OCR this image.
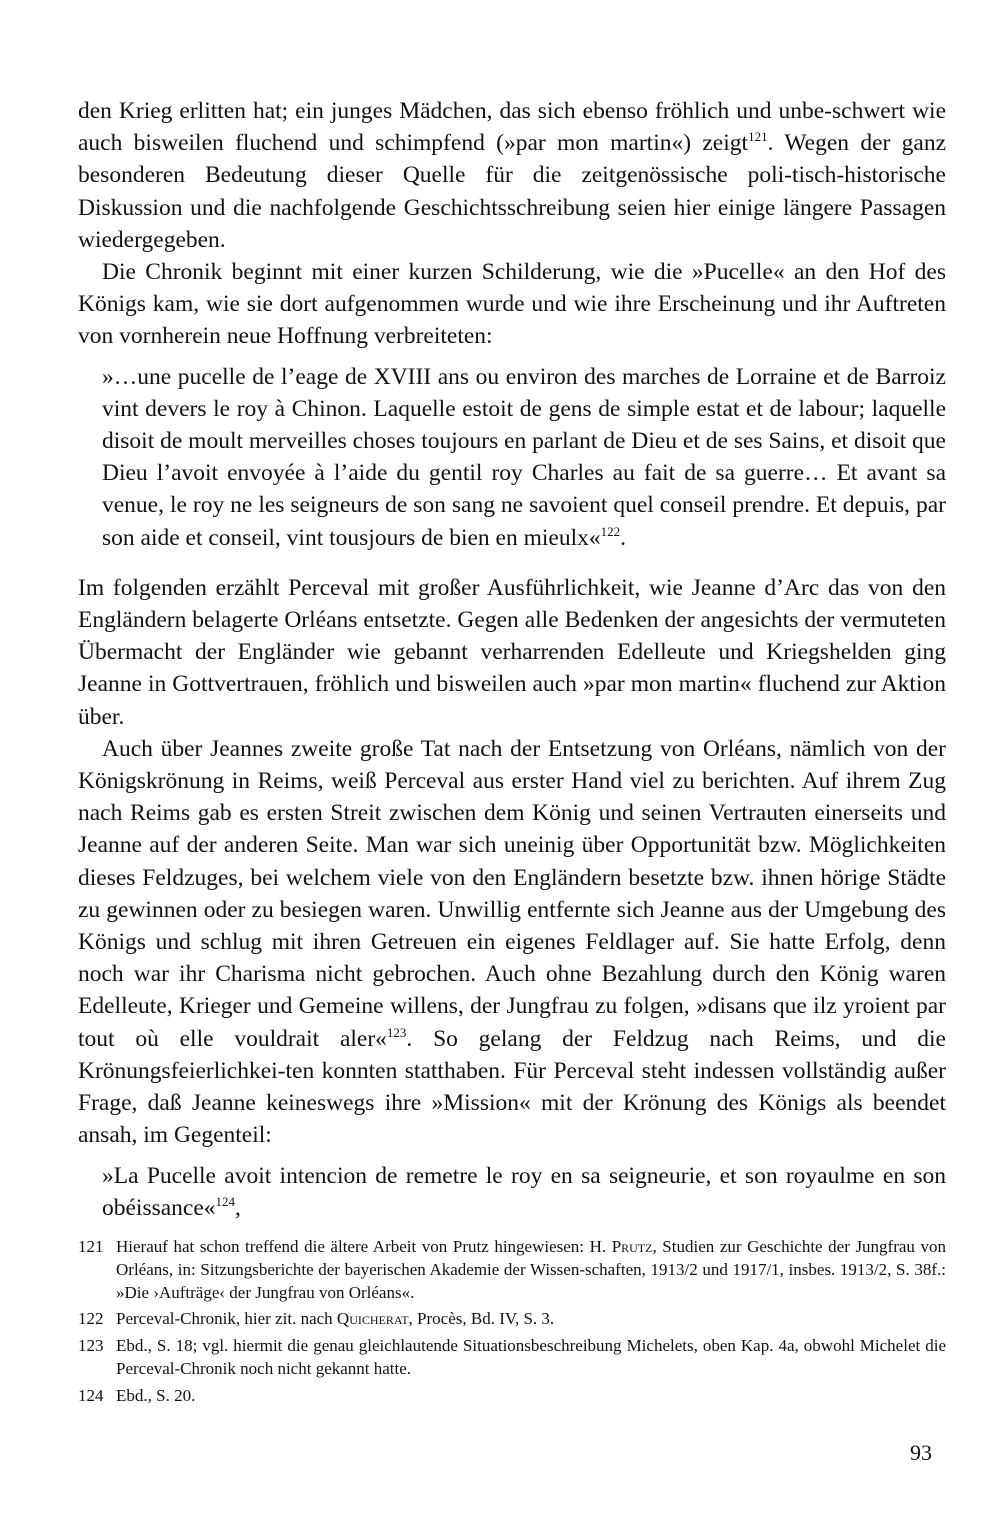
den Krieg erlitten hat; ein junges Mädchen, das sich ebenso fröhlich und unbe-schwert wie auch bisweilen fluchend und schimpfend (»par mon martin«) zeigt$^{121}$. Wegen der ganz besonderen Bedeutung dieser Quelle für die zeitgenössische poli-tisch-historische Diskussion und die nachfolgende Geschichtsschreibung seien hier einige längere Passagen wiedergegeben.

Die Chronik beginnt mit einer kurzen Schilderung, wie die »Pucelle« an den Hof des Königs kam, wie sie dort aufgenommen wurde und wie ihre Erscheinung und ihr Auftreten von vornherein neue Hoffnung verbreiteten:

»…une pucelle de l’eage de XVIII ans ou environ des marches de Lorraine et de Barroiz vint devers le roy à Chinon. Laquelle estoit de gens de simple estat et de labour; laquelle disoit de moult merveilles choses toujours en parlant de Dieu et de ses Sains, et disoit que Dieu l’avoit envoyée à l’aide du gentil roy Charles au fait de sa guerre… Et avant sa venue, le roy ne les seigneurs de son sang ne savoient quel conseil prendre. Et depuis, par son aide et conseil, vint tousjours de bien en mieulx«$^{122}$.

Im folgenden erzählt Perceval mit großer Ausführlichkeit, wie Jeanne d’Arc das von den Engländern belagerte Orléans entsetzte. Gegen alle Bedenken der angesichts der vermuteten Übermacht der Engländer wie gebannt verharrenden Edelleute und Kriegshelden ging Jeanne in Gottvertrauen, fröhlich und bisweilen auch »par mon martin« fluchend zur Aktion über.

Auch über Jeannes zweite große Tat nach der Entsetzung von Orléans, nämlich von der Königskrönung in Reims, weiß Perceval aus erster Hand viel zu berichten. Auf ihrem Zug nach Reims gab es ersten Streit zwischen dem König und seinen Vertrauten einerseits und Jeanne auf der anderen Seite. Man war sich uneinig über Opportunität bzw. Möglichkeiten dieses Feldzuges, bei welchem viele von den Engländern besetzte bzw. ihnen hörige Städte zu gewinnen oder zu besiegen waren. Unwillig entfernte sich Jeanne aus der Umgebung des Königs und schlug mit ihren Getreuen ein eigenes Feldlager auf. Sie hatte Erfolg, denn noch war ihr Charisma nicht gebrochen. Auch ohne Bezahlung durch den König waren Edelleute, Krieger und Gemeine willens, der Jungfrau zu folgen, »disans que ilz yroient par tout où elle vouldrait aler«$^{123}$. So gelang der Feldzug nach Reims, und die Krönungsfeierlichkei-ten konnten statthaben. Für Perceval steht indessen vollständig außer Frage, daß Jeanne keineswegs ihre »Mission« mit der Krönung des Königs als beendet ansah, im Gegenteil:

»La Pucelle avoit intencion de remetre le roy en sa seigneurie, et son royaulme en son obéissance«$^{124}$,

121 Hierauf hat schon treffend die ältere Arbeit von Prutz hingewiesen: H. Prutz, Studien zur Geschichte der Jungfrau von Orléans, in: Sitzungsberichte der bayerischen Akademie der Wissen-schaften, 1913/2 und 1917/1, insbes. 1913/2, S. 38f.: »Die ›Aufträge‹ der Jungfrau von Orléans«.
122 Perceval-Chronik, hier zit. nach Quicherat, Procès, Bd. IV, S. 3.
123 Ebd., S. 18; vgl. hiermit die genau gleichlautende Situationsbeschreibung Michelets, oben Kap. 4a, obwohl Michelet die Perceval-Chronik noch nicht gekannt hatte.
124 Ebd., S. 20.
93
